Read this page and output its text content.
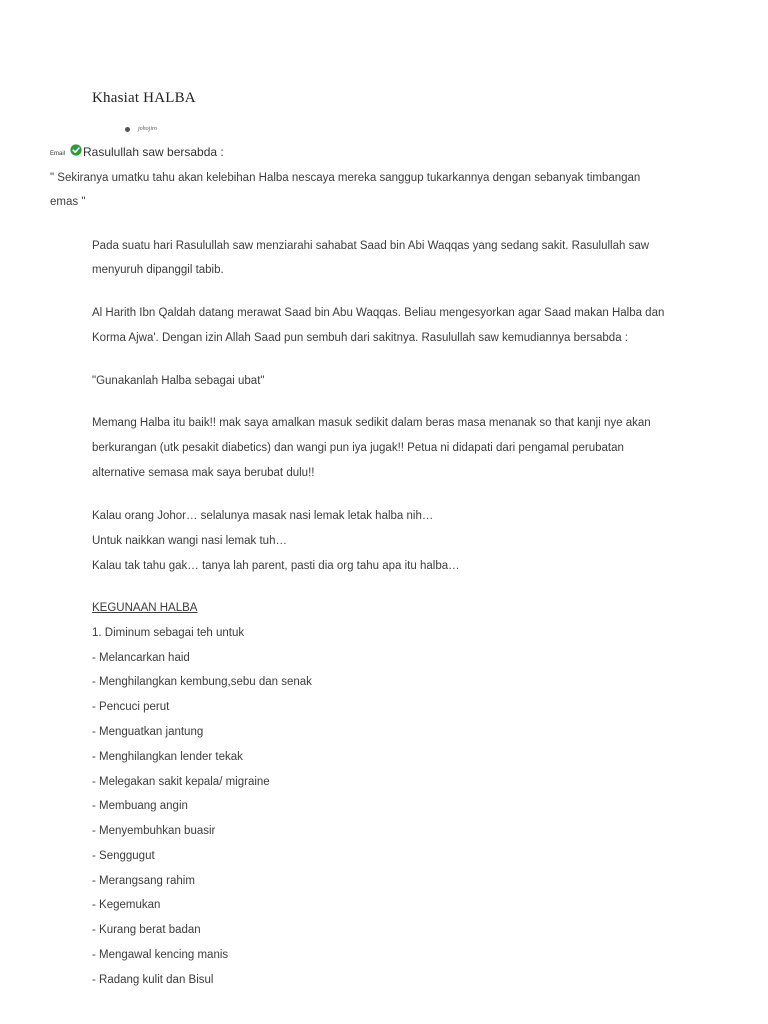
Khasiat HALBA
johojiro
Email Rasulullah saw bersabda :
" Sekiranya umatku tahu akan kelebihan Halba nescaya mereka sanggup tukarkannya dengan sebanyak timbangan
emas "
Pada suatu hari Rasulullah saw menziarahi sahabat Saad bin Abi Waqqas yang sedang sakit. Rasulullah saw
menyuruh dipanggil tabib.
Al Harith Ibn Qaldah datang merawat Saad bin Abu Waqqas. Beliau mengesyorkan agar Saad makan Halba dan
Korma Ajwa'. Dengan izin Allah Saad pun sembuh dari sakitnya. Rasulullah saw kemudiannya bersabda :
"Gunakanlah Halba sebagai ubat"
Memang Halba itu baik!! mak saya amalkan masuk sedikit dalam beras masa menanak so that kanji nye akan
berkurangan (utk pesakit diabetics) dan wangi pun iya jugak!! Petua ni didapati dari pengamal perubatan
alternative semasa mak saya berubat dulu!!
Kalau orang Johor… selalunya masak nasi lemak letak halba nih…
Untuk naikkan wangi nasi lemak tuh…
Kalau tak tahu gak… tanya lah parent, pasti dia org tahu apa itu halba…
KEGUNAAN HALBA
1. Diminum sebagai teh untuk
- Melancarkan haid
- Menghilangkan kembung,sebu dan senak
- Pencuci perut
- Menguatkan jantung
- Menghilangkan lender tekak
- Melegakan sakit kepala/ migraine
- Membuang angin
- Menyembuhkan buasir
- Senggugut
- Merangsang rahim
- Kegemukan
- Kurang berat badan
- Mengawal kencing manis
- Radang kulit dan Bisul
